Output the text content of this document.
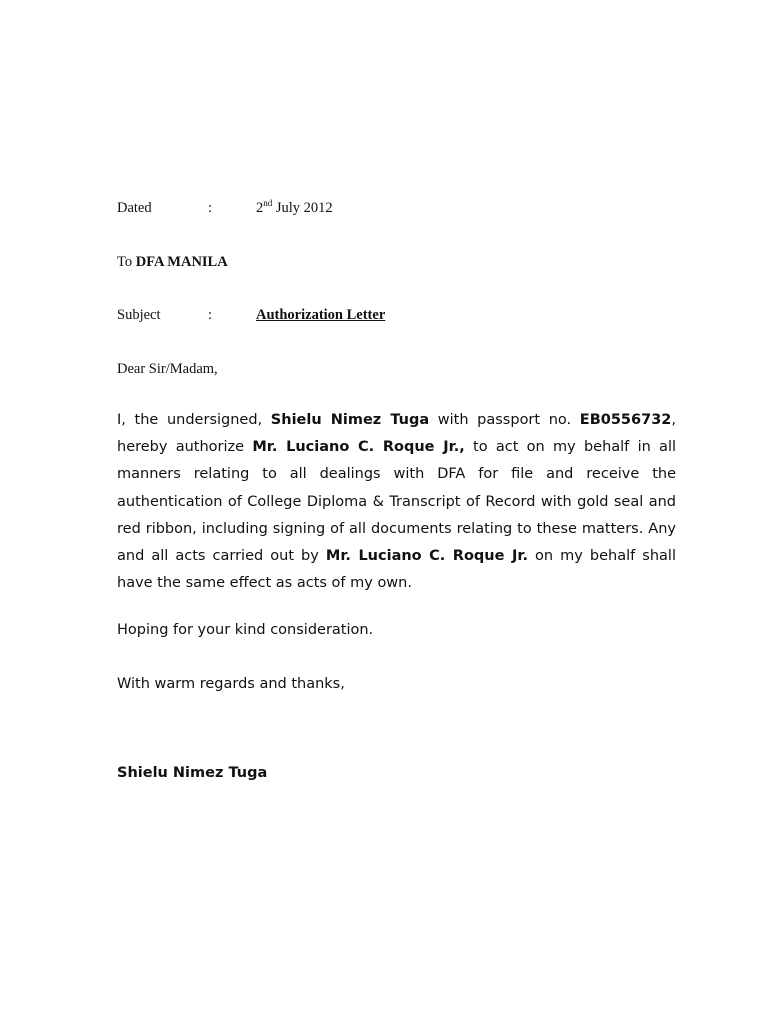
Dated	:	2nd July 2012
To DFA MANILA
Subject	:	Authorization Letter
Dear Sir/Madam,

I, the undersigned, Shielu Nimez Tuga with passport no. EB0556732, hereby authorize Mr. Luciano C. Roque Jr., to act on my behalf in all manners relating to all dealings with DFA for file and receive the authentication of College Diploma & Transcript of Record with gold seal and red ribbon, including signing of all documents relating to these matters. Any and all acts carried out by Mr. Luciano C. Roque Jr. on my behalf shall have the same effect as acts of my own.

Hoping for your kind consideration.
With warm regards and thanks,
Shielu Nimez Tuga
